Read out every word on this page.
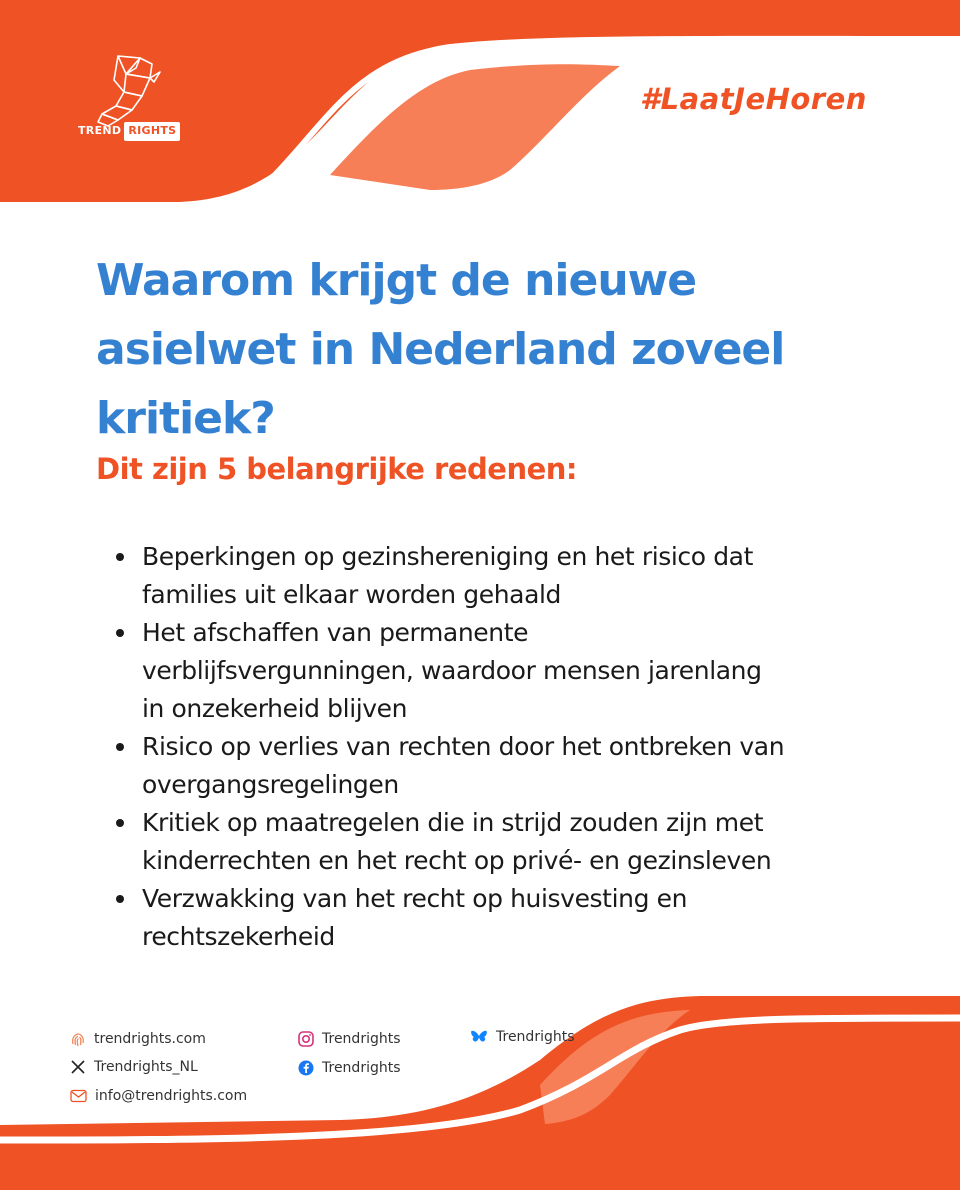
TREND RIGHTS
#LaatJeHoren
Waarom krijgt de nieuwe
asielwet in Nederland zoveel
kritiek?
Dit zijn 5 belangrijke redenen:
Beperkingen op gezinshereniging en het risico dat
families uit elkaar worden gehaald
Het afschaffen van permanente
verblijfsvergunningen, waardoor mensen jarenlang
in onzekerheid blijven
Risico op verlies van rechten door het ontbreken van
overgangsregelingen
Kritiek op maatregelen die in strijd zouden zijn met
kinderrechten en het recht op privé- en gezinsleven
Verzwakking van het recht op huisvesting en
rechtszekerheid
trendrights.com
Trendrights_NL
info@trendrights.com
Trendrights
Trendrights
Trendrights
